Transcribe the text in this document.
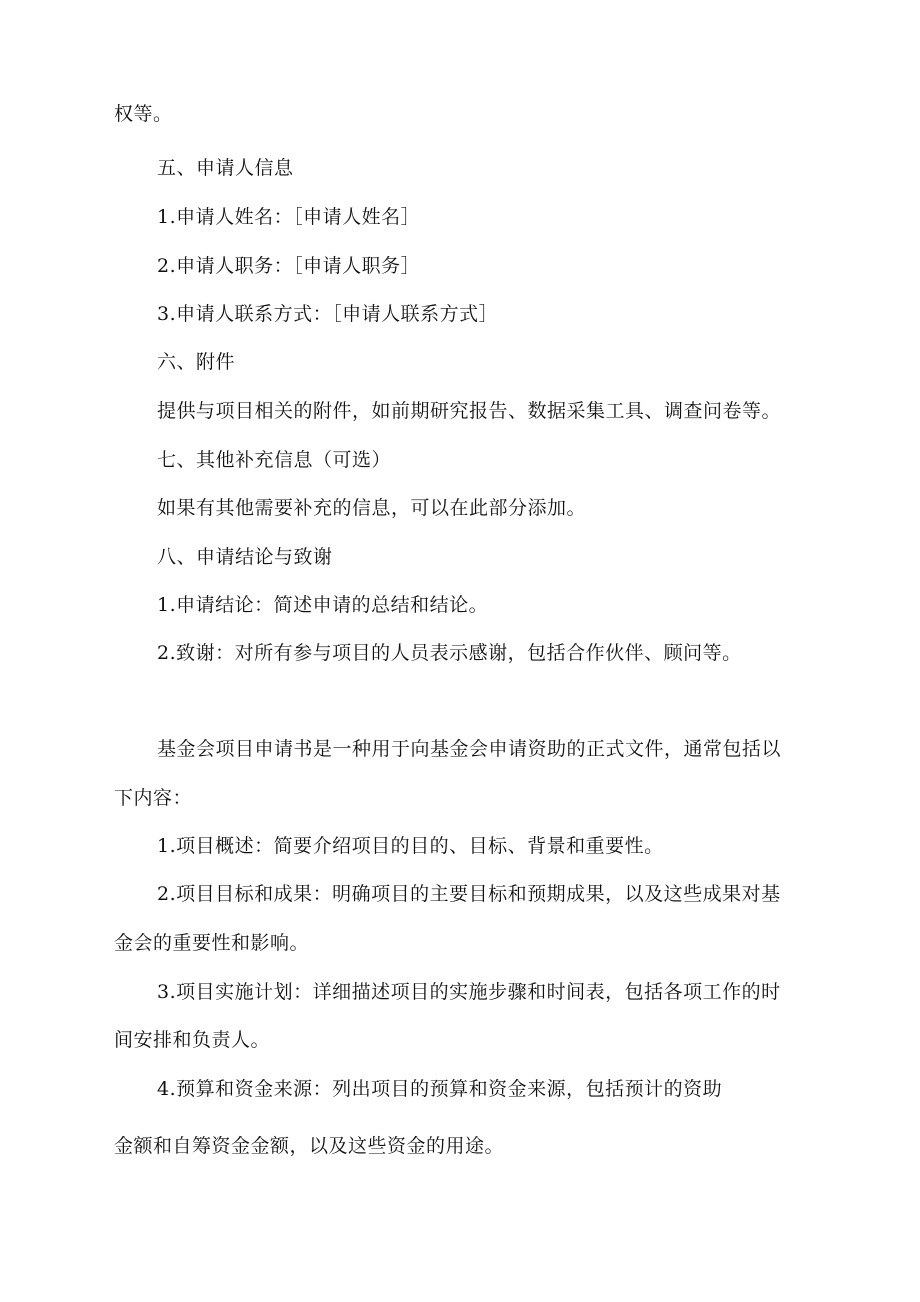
权等。
五、申请人信息
1.申请人姓名：［申请人姓名］
2.申请人职务：［申请人职务］
3.申请人联系方式：［申请人联系方式］
六、附件
提供与项目相关的附件，如前期研究报告、数据采集工具、调查问卷等。
七、其他补充信息（可选）
如果有其他需要补充的信息，可以在此部分添加。
八、申请结论与致谢
1.申请结论：简述申请的总结和结论。
2.致谢：对所有参与项目的人员表示感谢，包括合作伙伴、顾问等。
基金会项目申请书是一种用于向基金会申请资助的正式文件，通常包括以
下内容：
1.项目概述：简要介绍项目的目的、目标、背景和重要性。
2.项目目标和成果：明确项目的主要目标和预期成果，以及这些成果对基
金会的重要性和影响。
3.项目实施计划：详细描述项目的实施步骤和时间表，包括各项工作的时
间安排和负责人。
4.预算和资金来源：列出项目的预算和资金来源，包括预计的资助
金额和自筹资金金额，以及这些资金的用途。
